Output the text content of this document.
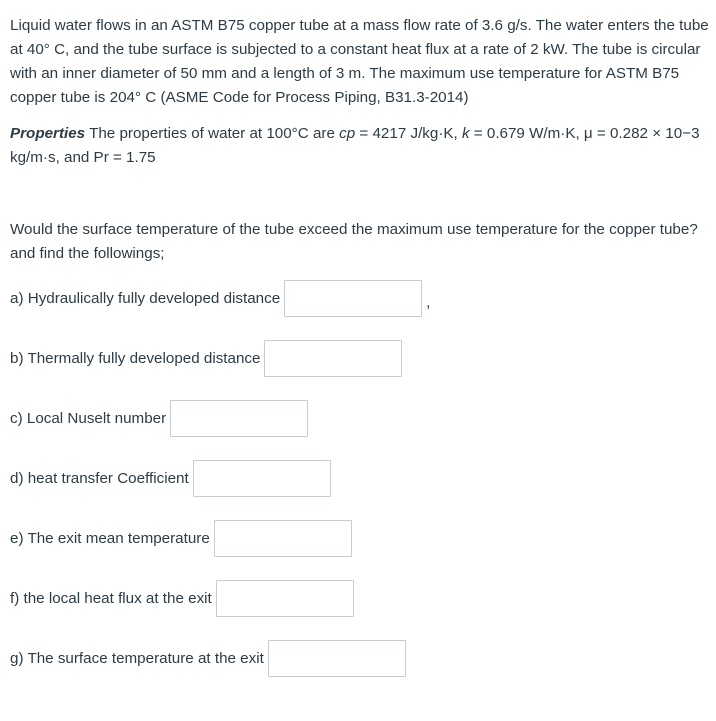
Liquid water flows in an ASTM B75 copper tube at a mass flow rate of 3.6 g/s. The water enters the tube at 40° C, and the tube surface is subjected to a constant heat flux at a rate of 2 kW. The tube is circular with an inner diameter of 50 mm and a length of 3 m. The maximum use temperature for ASTM B75 copper tube is 204° C (ASME Code for Process Piping, B31.3-2014)

Properties The properties of water at 100°C are cp = 4217 J/kg·K, k = 0.679 W/m·K, μ = 0.282 × 10−3 kg/m·s, and Pr = 1.75

Would the surface temperature of the tube exceed the maximum use temperature for the copper tube? and find the followings;

a) Hydraulically fully developed distance	,
b) Thermally fully developed distance
c) Local Nuselt number
d) heat transfer Coefficient
e) The exit mean temperature
f) the local heat flux at the exit
g) The surface temperature at the exit
